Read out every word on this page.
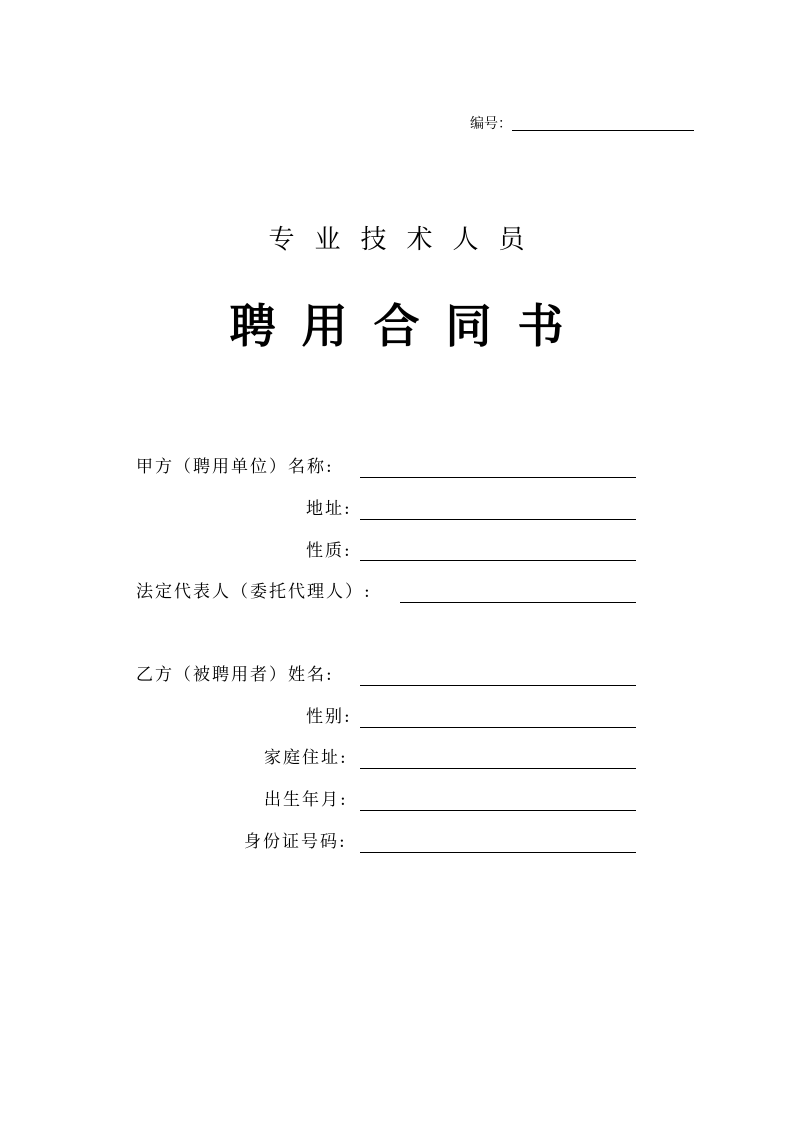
编号：
专业技术人员
聘用合同书
甲方（聘用单位）名称:
地址:
性质:
法定代表人（委托代理人）:
乙方（被聘用者）姓名:
性别:
家庭住址:
出生年月:
身份证号码:
